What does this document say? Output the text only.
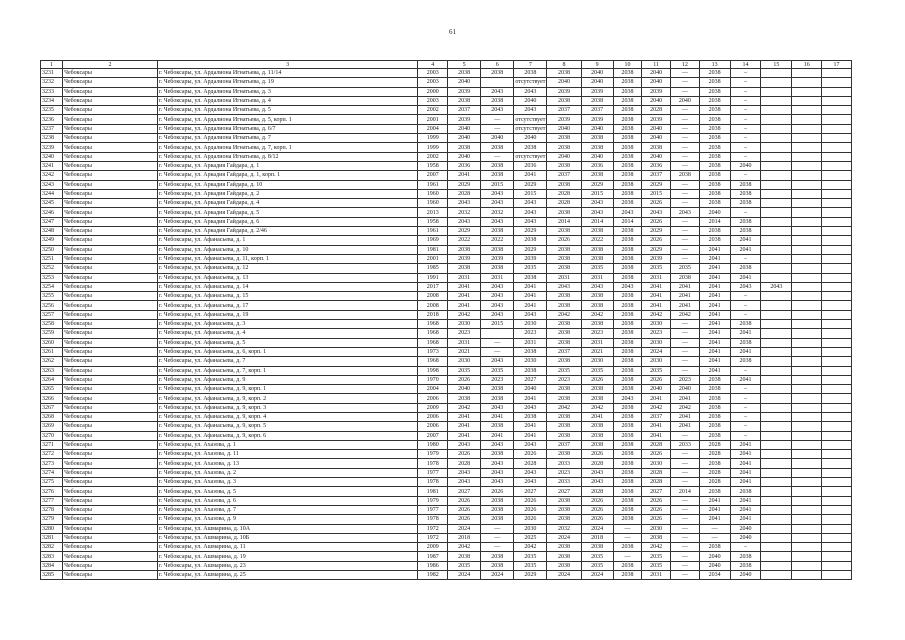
61
1	2	3	4	5	6	7	8	9	10	11	12	13	14	15	16	17
3231	Чебоксары	г. Чебоксары, ул. Ардалиона Игнатьева, д. 11/14	2003	2038	2038	2038	2038	2040	2038	2040	—	2038	–			
3232	Чебоксары	г. Чебоксары, ул. Ардалиона Игнатьева, д. 19	2003	2040		отсутствует	2040	2040	2038	2040	—	2038	–			
3233	Чебоксары	г. Чебоксары, ул. Ардалиона Игнатьева, д. 3	2000	2039	2043	2043	2039	2039	2038	2039	—	2038	–			
3234	Чебоксары	г. Чебоксары, ул. Ардалиона Игнатьева, д. 4	2003	2038	2038	2040	2038	2038	2038	2040	2040	2038	–			
3235	Чебоксары	г. Чебоксары, ул. Ардалиона Игнатьева, д. 5	2002	2037	2043	2043	2037	2037	2038	2028	—	2038	–			
3236	Чебоксары	г. Чебоксары, ул. Ардалиона Игнатьева, д. 5, корп. 1	2001	2039	—	отсутствует	2039	2039	2038	2039	—	2038	–			
3237	Чебоксары	г. Чебоксары, ул. Ардалиона Игнатьева, д. 6/7	2004	2040	—	отсутствует	2040	2040	2038	2040	—	2038	–			
3238	Чебоксары	г. Чебоксары, ул. Ардалиона Игнатьева, д. 7	1999	2040	2040	2040	2038	2038	2038	2040	—	2038	–			
3239	Чебоксары	г. Чебоксары, ул. Ардалиона Игнатьева, д. 7, корп. 1	1999	2038	2038	2038	2038	2038	2038	2038	—	2038	–			
3240	Чебоксары	г. Чебоксары, ул. Ардалиона Игнатьева, д. 8/12	2002	2040	—	отсутствует	2040	2040	2038	2040	—	2038	–			
3241	Чебоксары	г. Чебоксары, ул. Аркадия Гайдара, д. 1	1958	2036	2038	2036	2038	2036	2038	2036	—	2038	2040			
3242	Чебоксары	г. Чебоксары, ул. Аркадия Гайдара, д. 1, корп. 1	2007	2041	2038	2041	2037	2038	2038	2037	2038	2038	–			
3243	Чебоксары	г. Чебоксары, ул. Аркадия Гайдара, д. 10	1961	2029	2015	2029	2038	2029	2038	2029	—	2038	2038			
3244	Чебоксары	г. Чебоксары, ул. Аркадия Гайдара, д. 2	1960	2028	2043	2015	2028	2015	2038	2015	—	2038	2038			
3245	Чебоксары	г. Чебоксары, ул. Аркадия Гайдара, д. 4	1960	2043	2043	2043	2028	2043	2038	2026	—	2038	2038			
3246	Чебоксары	г. Чебоксары, ул. Аркадия Гайдара, д. 5	2013	2032	2032	2043	2038	2043	2043	2043	2043	2040	–			
3247	Чебоксары	г. Чебоксары, ул. Аркадия Гайдара, д. 6	1958	2043	2043	2043	2014	2014	2014	2026	—	2014	2038			
3248	Чебоксары	г. Чебоксары, ул. Аркадия Гайдара, д. 2/46	1961	2029	2038	2029	2038	2038	2038	2029	—	2038	2038			
3249	Чебоксары	г. Чебоксары, ул. Афанасьева, д. 1	1969	2022	2022	2038	2026	2022	2038	2026	—	2038	2041			
3250	Чебоксары	г. Чебоксары, ул. Афанасьева, д. 10	1981	2038	2038	2029	2038	2038	2038	2029	—	2041	2041			
3251	Чебоксары	г. Чебоксары, ул. Афанасьева, д. 11, корп. 1	2001	2039	2039	2039	2038	2038	2038	2039	—	2041	–			
3252	Чебоксары	г. Чебоксары, ул. Афанасьева, д. 12	1985	2038	2038	2035	2038	2035	2038	2035	2035	2041	2038			
3253	Чебоксары	г. Чебоксары, ул. Афанасьева, д. 13	1991	2031	2031	2038	2031	2031	2038	2031	2038	2041	2041			
3254	Чебоксары	г. Чебоксары, ул. Афанасьева, д. 14	2017	2041	2043	2041	2043	2043	2043	2041	2041	2041	2043	2043		
3255	Чебоксары	г. Чебоксары, ул. Афанасьева, д. 15	2008	2041	2043	2041	2038	2038	2038	2041	2041	2041	–			
3256	Чебоксары	г. Чебоксары, ул. Афанасьева, д. 17	2008	2041	2043	2041	2038	2038	2038	2041	2041	2041	–			
3257	Чебоксары	г. Чебоксары, ул. Афанасьева, д. 19	2018	2042	2043	2043	2042	2042	2038	2042	2042	2041	–			
3258	Чебоксары	г. Чебоксары, ул. Афанасьева, д. 3	1968	2030	2015	2030	2038	2038	2038	2030	—	2041	2038			
3259	Чебоксары	г. Чебоксары, ул. Афанасьева, д. 4	1968	2023		2023	2038	2023	2038	2023	—	2041	2041			
3260	Чебоксары	г. Чебоксары, ул. Афанасьева, д. 5	1968	2031	—	2031	2038	2031	2038	2030	—	2041	2038			
3261	Чебоксары	г. Чебоксары, ул. Афанасьева, д. 6, корп. 1	1973	2021	—	2038	2037	2021	2038	2024	—	2041	2041			
3262	Чебоксары	г. Чебоксары, ул. Афанасьева, д. 7	1968	2030	2043	2030	2038	2030	2038	2030	—	2041	2038			
3263	Чебоксары	г. Чебоксары, ул. Афанасьева, д. 7, корп. 1	1998	2035	2035	2038	2035	2035	2038	2035	—	2041	–			
3264	Чебоксары	г. Чебоксары, ул. Афанасьева, д. 9	1970	2026	2023	2027	2023	2026	2038	2026	2023	2038	2041			
3265	Чебоксары	г. Чебоксары, ул. Афанасьева, д. 9, корп. 1	2004	2040	2038	2040	2038	2038	2038	2040	2040	2038	–			
3266	Чебоксары	г. Чебоксары, ул. Афанасьева, д. 9, корп. 2	2006	2038	2038	2041	2038	2038	2043	2041	2041	2038	–			
3267	Чебоксары	г. Чебоксары, ул. Афанасьева, д. 9, корп. 3	2009	2042	2043	2043	2042	2042	2038	2042	2042	2038	–			
3268	Чебоксары	г. Чебоксары, ул. Афанасьева, д. 9, корп. 4	2006	2041	2041	2038	2038	2041	2038	2037	2041	2038	–			
3269	Чебоксары	г. Чебоксары, ул. Афанасьева, д. 9, корп. 5	2006	2041	2038	2041	2038	2038	2038	2041	2041	2038	–			
3270	Чебоксары	г. Чебоксары, ул. Афанасьева, д. 9, корп. 6	2007	2041	2041	2041	2038	2038	2038	2041	—	2038	–			
3271	Чебоксары	г. Чебоксары, ул. Ахазова, д. 1	1980	2043	2043	2043	2037	2038	2038	2028	2033	2028	2041			
3272	Чебоксары	г. Чебоксары, ул. Ахазова, д. 11	1979	2026	2038	2026	2038	2026	2038	2026	—	2028	2041			
3273	Чебоксары	г. Чебоксары, ул. Ахазова, д. 13	1978	2028	2043	2028	2033	2028	2038	2030	—	2038	2041			
3274	Чебоксары	г. Чебоксары, ул. Ахазова, д. 2	1977	2043	2043	2043	2023	2043	2038	2028	—	2028	2041			
3275	Чебоксары	г. Чебоксары, ул. Ахазова, д. 3	1978	2043	2043	2043	2033	2043	2038	2028	—	2028	2041			
3276	Чебоксары	г. Чебоксары, ул. Ахазова, д. 5	1981	2027	2026	2027	2027	2028	2038	2027	2014	2038	2038			
3277	Чебоксары	г. Чебоксары, ул. Ахазова, д. 6	1979	2026	2038	2026	2038	2026	2038	2026	—	2041	2041			
3278	Чебоксары	г. Чебоксары, ул. Ахазова, д. 7	1977	2026	2038	2026	2038	2026	2038	2026	—	2041	2041			
3279	Чебоксары	г. Чебоксары, ул. Ахазова, д. 9	1978	2026	2038	2026	2038	2026	2038	2026	—	2041	2041			
3280	Чебоксары	г. Чебоксары, ул. Ашмарина, д. 10А	1972	2024	—	2030	2032	2024	—	2030	—	—	2040			
3281	Чебоксары	г. Чебоксары, ул. Ашмарина, д. 10Б	1972	2018	—	2025	2024	2018	—	2038	—	—	2040			
3282	Чебоксары	г. Чебоксары, ул. Ашмарина, д. 11	2009	2042	—	2042	2038	2038	2038	2042	—	2038	–			
3283	Чебоксары	г. Чебоксары, ул. Ашмарина, д. 19	1987	2038	2038	2035	2038	2035	—	2035	—	2040	2038			
3284	Чебоксары	г. Чебоксары, ул. Ашмарина, д. 23	1986	2035	2038	2035	2038	2035	2038	2035	—	2040	2038			
3285	Чебоксары	г. Чебоксары, ул. Ашмарина, д. 25	1982	2024	2024	2029	2024	2024	2038	2031	—	2034	2040			
